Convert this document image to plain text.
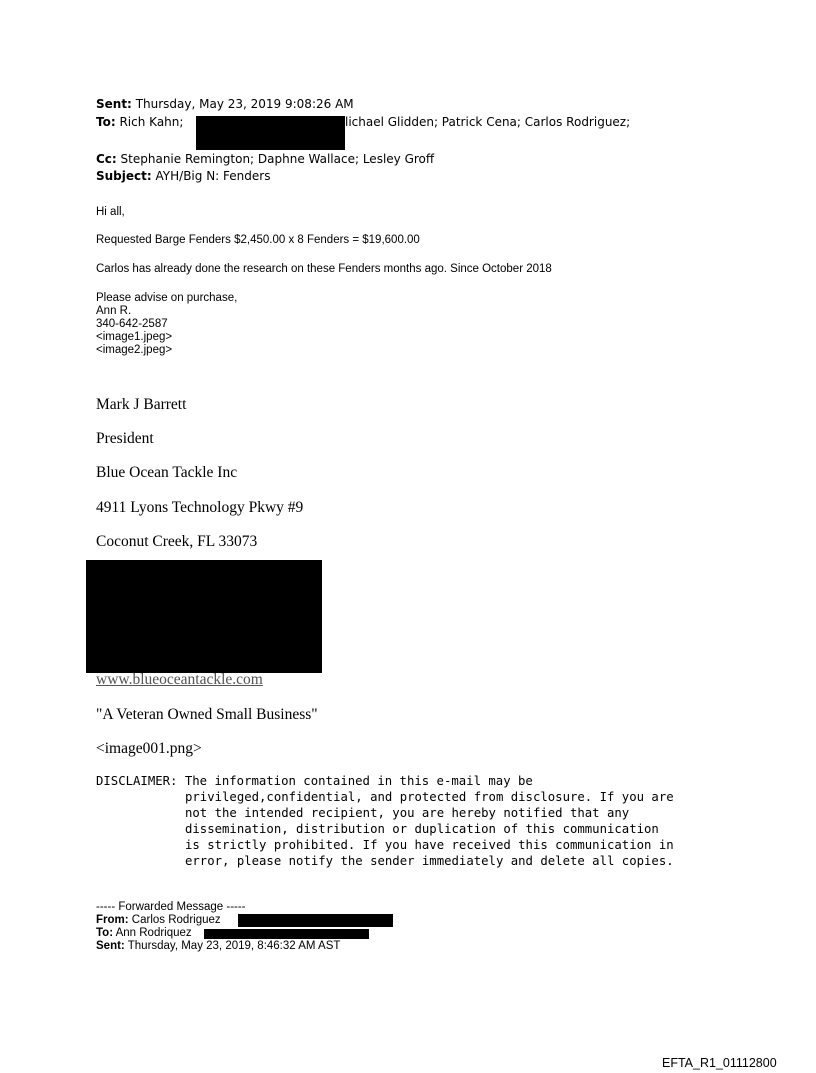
Sent: Thursday, May 23, 2019 9:08:26 AM
To: Rich Kahn;	lichael Glidden; Patrick Cena; Carlos Rodriguez;
Cc: Stephanie Remington; Daphne Wallace; Lesley Groff
Subject: AYH/Big N: Fenders
Hi all,
Requested Barge Fenders $2,450.00 x 8 Fenders = $19,600.00
Carlos has already done the research on these Fenders months ago. Since October 2018
Please advise on purchase,
Ann R.
340-642-2587
<image1.jpeg>
<image2.jpeg>
Mark J Barrett
President
Blue Ocean Tackle Inc
4911 Lyons Technology Pkwy #9
Coconut Creek, FL 33073
www.blueoceantackle.com
"A Veteran Owned Small Business"
<image001.png>
DISCLAIMER: The information contained in this e-mail may be
privileged,confidential, and protected from disclosure. If you are
not the intended recipient, you are hereby notified that any
dissemination, distribution or duplication of this communication
is strictly prohibited. If you have received this communication in
error, please notify the sender immediately and delete all copies.
----- Forwarded Message -----
From: Carlos Rodriguez
To: Ann Rodriquez
Sent: Thursday, May 23, 2019, 8:46:32 AM AST
EFTA_R1_01112800
